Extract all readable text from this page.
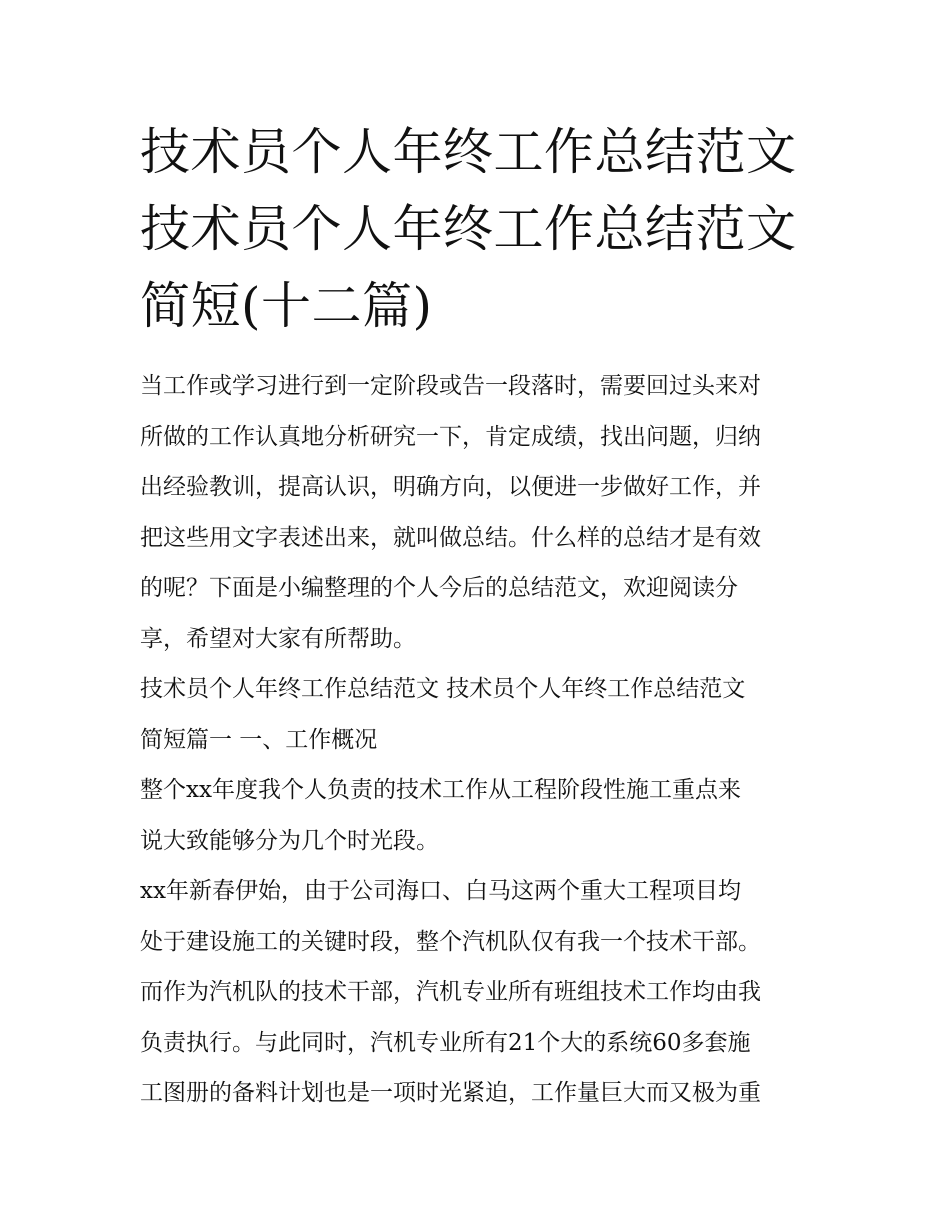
技术员个人年终工作总结范文
技术员个人年终工作总结范文
简短(十二篇)

当工作或学习进行到一定阶段或告一段落时，需要回过头来对
所做的工作认真地分析研究一下，肯定成绩，找出问题，归纳
出经验教训，提高认识，明确方向，以便进一步做好工作，并
把这些用文字表述出来，就叫做总结。什么样的总结才是有效
的呢？下面是小编整理的个人今后的总结范文，欢迎阅读分
享，希望对大家有所帮助。

技术员个人年终工作总结范文 技术员个人年终工作总结范文
简短篇一 一、工作概况

整个xx年度我个人负责的技术工作从工程阶段性施工重点来
说大致能够分为几个时光段。

xx年新春伊始，由于公司海口、白马这两个重大工程项目均
处于建设施工的关键时段，整个汽机队仅有我一个技术干部。
而作为汽机队的技术干部，汽机专业所有班组技术工作均由我
负责执行。与此同时，汽机专业所有21个大的系统60多套施
工图册的备料计划也是一项时光紧迫，工作量巨大而又极为重
